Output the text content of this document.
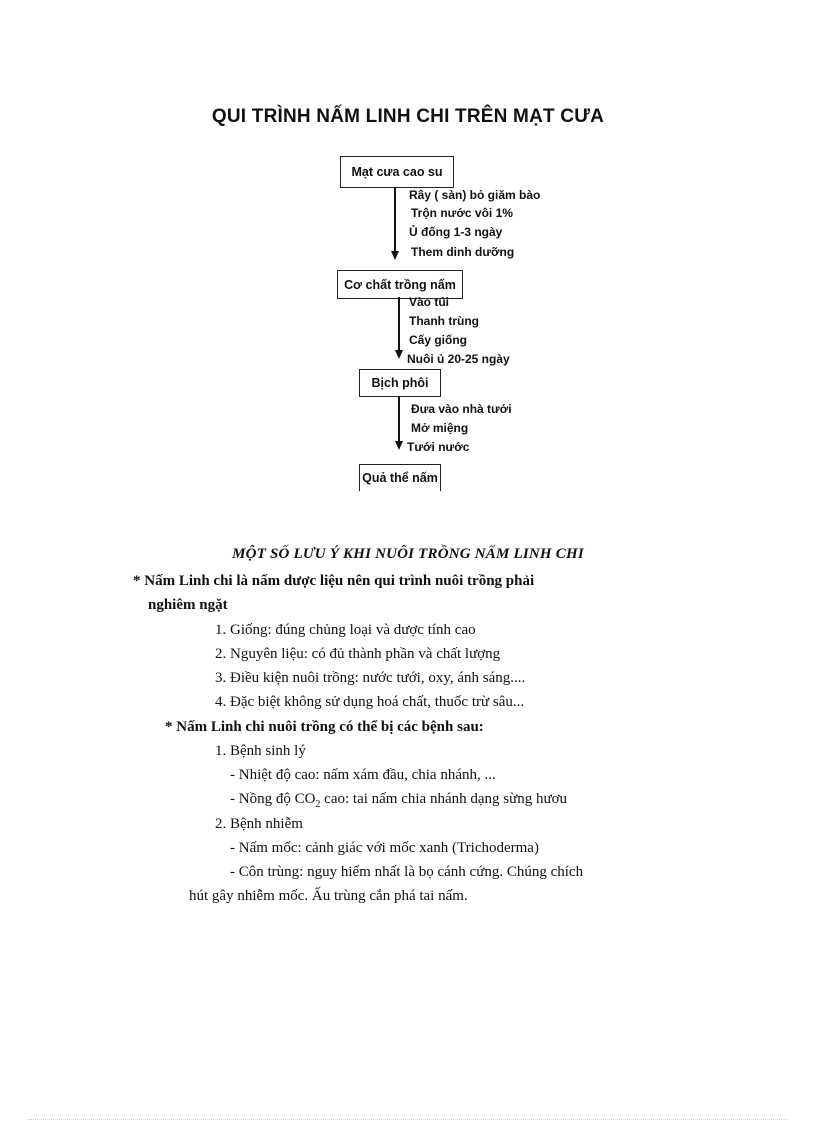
QUI TRÌNH NẤM LINH CHI TRÊN MẠT CƯA
Mạt cưa cao su
Rây ( sàn) bỏ giăm bào
Trộn nước vôi 1%
Ủ đống 1-3 ngày
Them dinh dưỡng
Cơ chất trồng nấm
Vào túi
Thanh trùng
Cấy giống
Nuôi ủ 20-25 ngày
Bịch phôi
Đưa vào nhà tưới
Mở miệng
Tưới nước
Quả thể nấm
MỘT SỐ LƯU Ý KHI NUÔI TRỒNG NẤM LINH CHI
* Nấm Linh chi là nấm dược liệu nên qui trình nuôi trồng phải
nghiêm ngặt
1. Giống: đúng chủng loại và dược tính cao
2. Nguyên liệu: có đủ thành phần và chất lượng
3. Điều kiện nuôi trồng: nước tưới, oxy, ánh sáng....
4. Đặc biệt không sử dụng hoá chất, thuốc trừ sâu...
* Nấm Linh chi nuôi trồng có thể bị các bệnh sau:
1. Bệnh sinh lý
- Nhiệt độ cao: nấm xám đầu, chia nhánh, ...
- Nồng độ $CO_2$ cao: tai nấm chia nhánh dạng sừng hươu
2. Bệnh nhiễm
- Nấm mốc: cảnh giác với mốc xanh (Trichoderma)
- Côn trùng: nguy hiểm nhất là bọ cánh cứng. Chúng chích
hút gây nhiễm mốc. Ấu trùng cắn phá tai nấm.
